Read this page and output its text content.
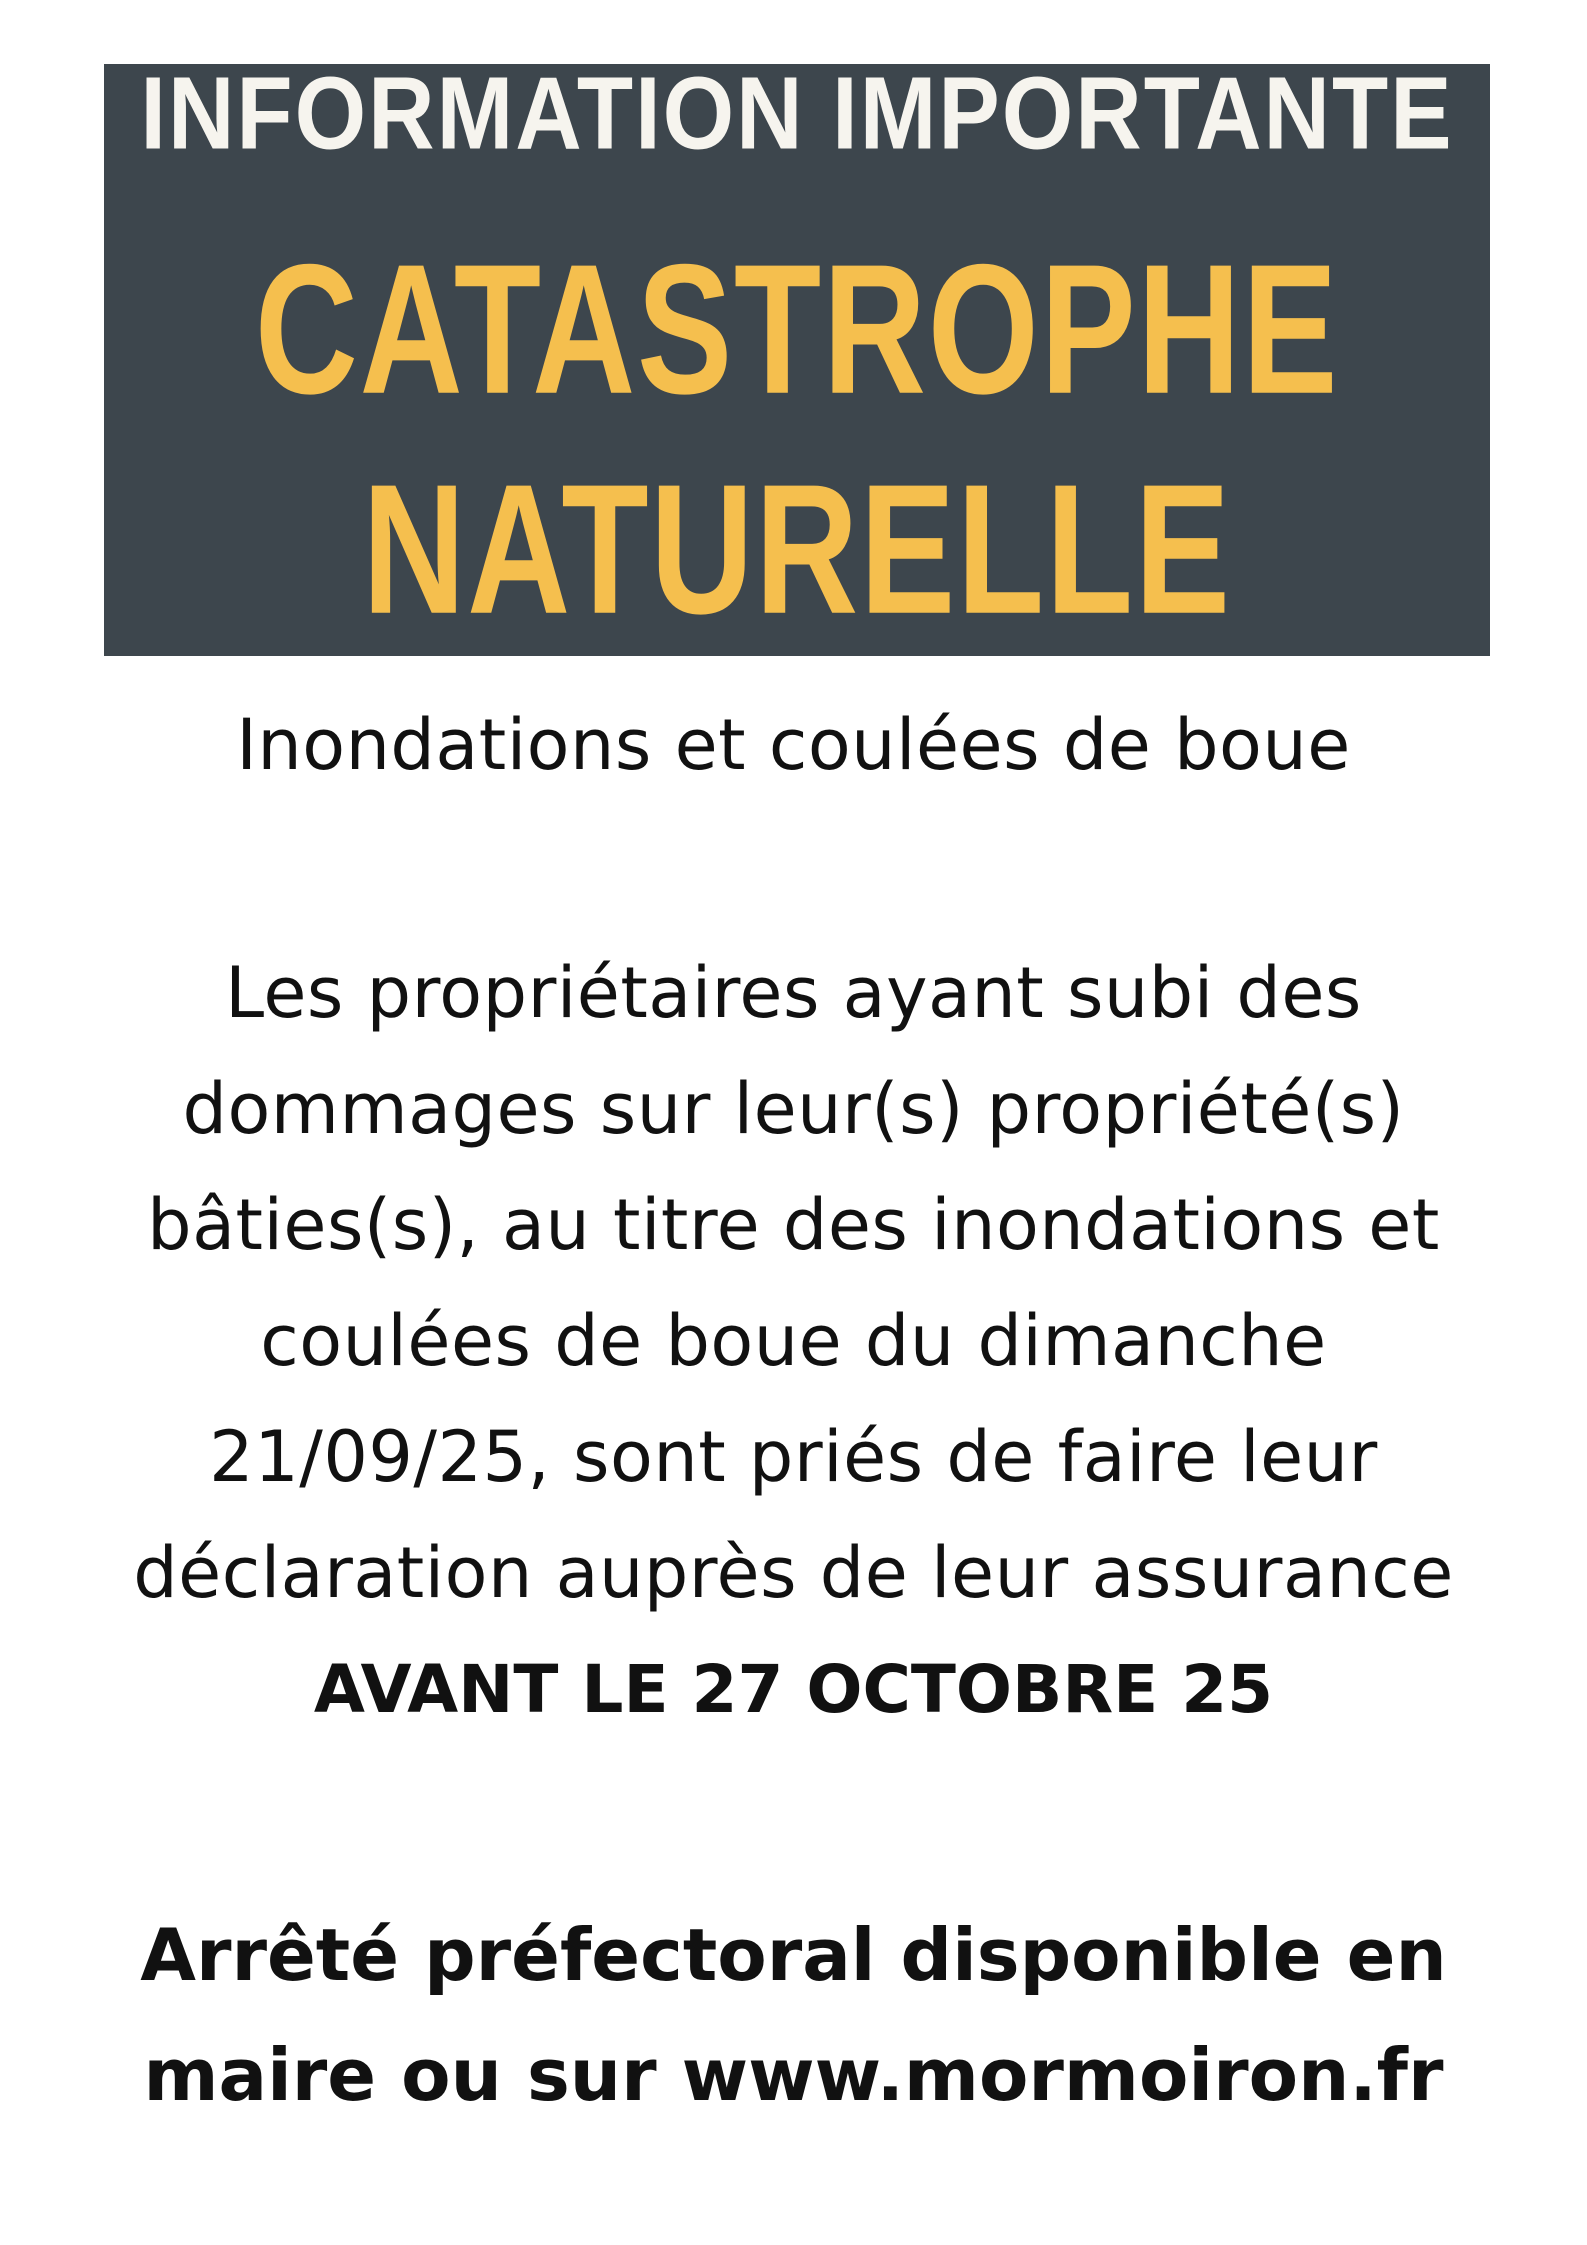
INFORMATION IMPORTANTE
CATASTROPHE
NATURELLE
Inondations et coulées de boue
Les propriétaires ayant subi des
dommages sur leur(s) propriété(s)
bâties(s), au titre des inondations et
coulées de boue du dimanche
21/09/25, sont priés de faire leur
déclaration auprès de leur assurance
AVANT LE 27 OCTOBRE 25
Arrêté préfectoral disponible en
maire ou sur www.mormoiron.fr
